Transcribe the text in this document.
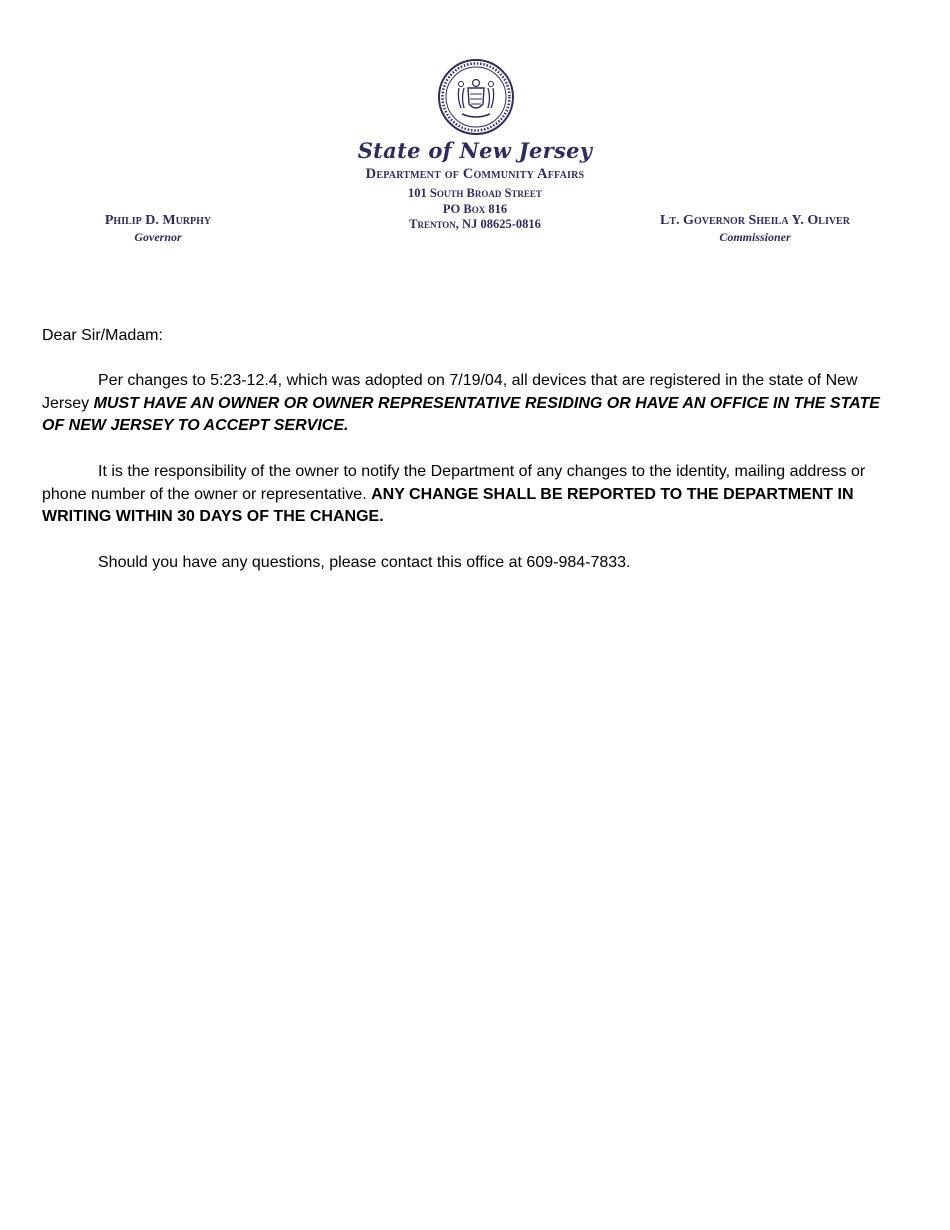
State of New Jersey
Department of Community Affairs
101 South Broad Street
PO Box 816
Trenton, NJ 08625-0816
Philip D. Murphy
Governor
Lt. Governor Sheila Y. Oliver
Commissioner
Dear Sir/Madam:
Per changes to 5:23-12.4, which was adopted on 7/19/04, all devices that are registered in the state of New Jersey MUST HAVE AN OWNER OR OWNER REPRESENTATIVE RESIDING OR HAVE AN OFFICE IN THE STATE OF NEW JERSEY TO ACCEPT SERVICE.
It is the responsibility of the owner to notify the Department of any changes to the identity, mailing address or phone number of the owner or representative. ANY CHANGE SHALL BE REPORTED TO THE DEPARTMENT IN WRITING WITHIN 30 DAYS OF THE CHANGE.
Should you have any questions, please contact this office at 609-984-7833.
